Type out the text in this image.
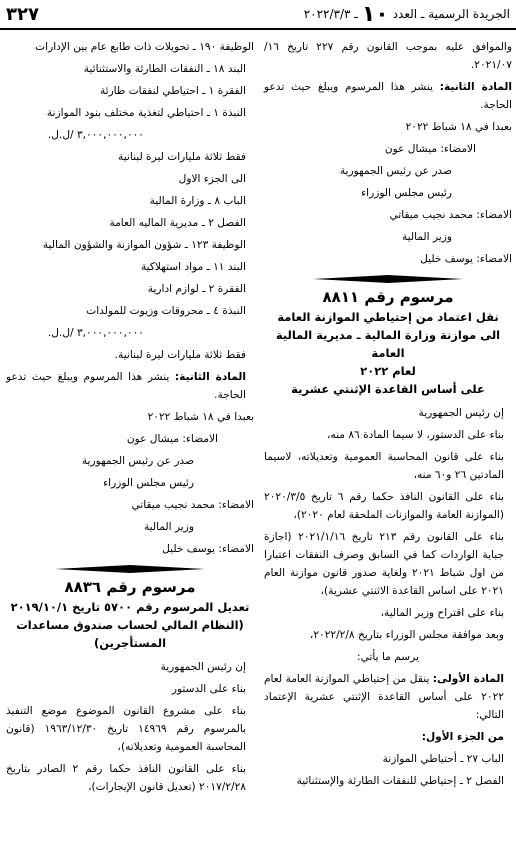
الجريدة الرسمية ـ العدد
١٠
ـ ٢٠٢٢/٣/٣
٣٢٧

والموافق عليه بموجب القانون رقم ٢٢٧ تاريخ ١٦/ ٢٠٢١/٠٧.

المادة الثانية: ينشر هذا المرسوم ويبلغ حيث تدعو الحاجة.

بعبدا في ١٨ شباط ٢٠٢٢

الامضاء: ميشال عون

صدر عن رئيس الجمهورية

رئيس مجلس الوزراء

الامضاء: محمد نجيب ميقاتي

وزير المالية

الامضاء: يوسف خليل

مرسوم رقم ٨٨١١
نقل اعتماد من إحتياطي الموازنة العامة
الى موازنة وزارة المالية ـ مديرية المالية العامة
لعام ٢٠٢٢
على أساس القاعدة الإثنتي عشرية

إن رئيس الجمهورية

بناء على الدستور، لا سيما المادة ٨٦ منه،

بناء على قانون المحاسبة العمومية وتعديلاته، لاسيما المادتين ٢٦ و٦٠ منه،

بناء على القانون النافذ حكما رقم ٦ تاريخ ٢٠٢٠/٣/٥ (الموازنة العامة والموازنات الملحقة لعام ٢٠٢٠)،

بناء على القانون رقم ٢١٣ تاريخ ٢٠٢١/١/١٦ (اجازة جباية الواردات كما في السابق وصرف النفقات اعتبارا من اول شباط ٢٠٢١ ولغاية صدور قانون موازنة العام ٢٠٢١ على اساس القاعدة الاثنتي عشرية)،

بناء على اقتراح وزير المالية،

وبعد موافقة مجلس الوزراء بتاريخ ٢٠٢٢/٢/٨،

يرسم ما يأتي:

المادة الأولى: ينقل من إحتياطي الموازنة العامة لعام ٢٠٢٢ على أساس القاعدة الإثنتي عشرية الإعتماد التالي:

من الجزء الأول:

الباب ٢٧ ـ أحتياطي الموازنة

الفصل ٢ ـ إحتياطي للنفقات الطارئة والإستثنائية

الوظيفة ١٩٠ ـ تحويلات ذات طابع عام بين الإدارات

البند ١٨ ـ النفقات الطارئة والاستثنائية

الفقرة ١ ـ احتياطي لنفقات طارئة

النبذة ١ ـ احتياطي لتغذية مختلف بنود الموازنة

٣,٠٠٠,٠٠٠,٠٠٠ /ل.ل.

فقط ثلاثة مليارات ليرة لبنانية

الى الجزء الاول

الباب ٨ ـ وزارة المالية

الفصل ٢ ـ مديرية الماليه العامة

الوظيفة ١٢٣ ـ شؤون الموازنة والشؤون المالية

البند ١١ ـ مواد استهلاكية

الفقرة ٢ ـ لوازم ادارية

النبذة ٤ ـ محروقات وزيوت للمولدات

٣,٠٠٠,٠٠٠,٠٠٠ /ل.ل.

فقط ثلاثة مليارات ليرة لبنانية.

المادة الثانية: ينشر هذا المرسوم ويبلغ حيث تدعو الحاجة.

بعبدا في ١٨ شباط ٢٠٢٢

الامضاء: ميشال عون

صدر عن رئيس الجمهورية

رئيس مجلس الوزراء

الامضاء: محمد نجيب ميقاتي

وزير المالية

الامضاء: يوسف خليل

مرسوم رقم ٨٨٣٦
تعديل المرسوم رقم ٥٧٠٠ تاريخ ٢٠١٩/١٠/١
(النظام المالي لحساب صندوق مساعدات
المستأجرين)

إن رئيس الجمهورية

بناء على الدستور

بناء على مشروع القانون الموضوع موضع التنفيذ بالمرسوم رقم ١٤٩٦٩ تاريخ ١٩٦٣/١٢/٣٠ (قانون المحاسبة العمومية وتعديلاته)،

بناء على القانون النافذ حكما رقم ٢ الصادر بتاريخ ٢٠١٧/٢/٢٨ (تعديل قانون الإيجارات)،
